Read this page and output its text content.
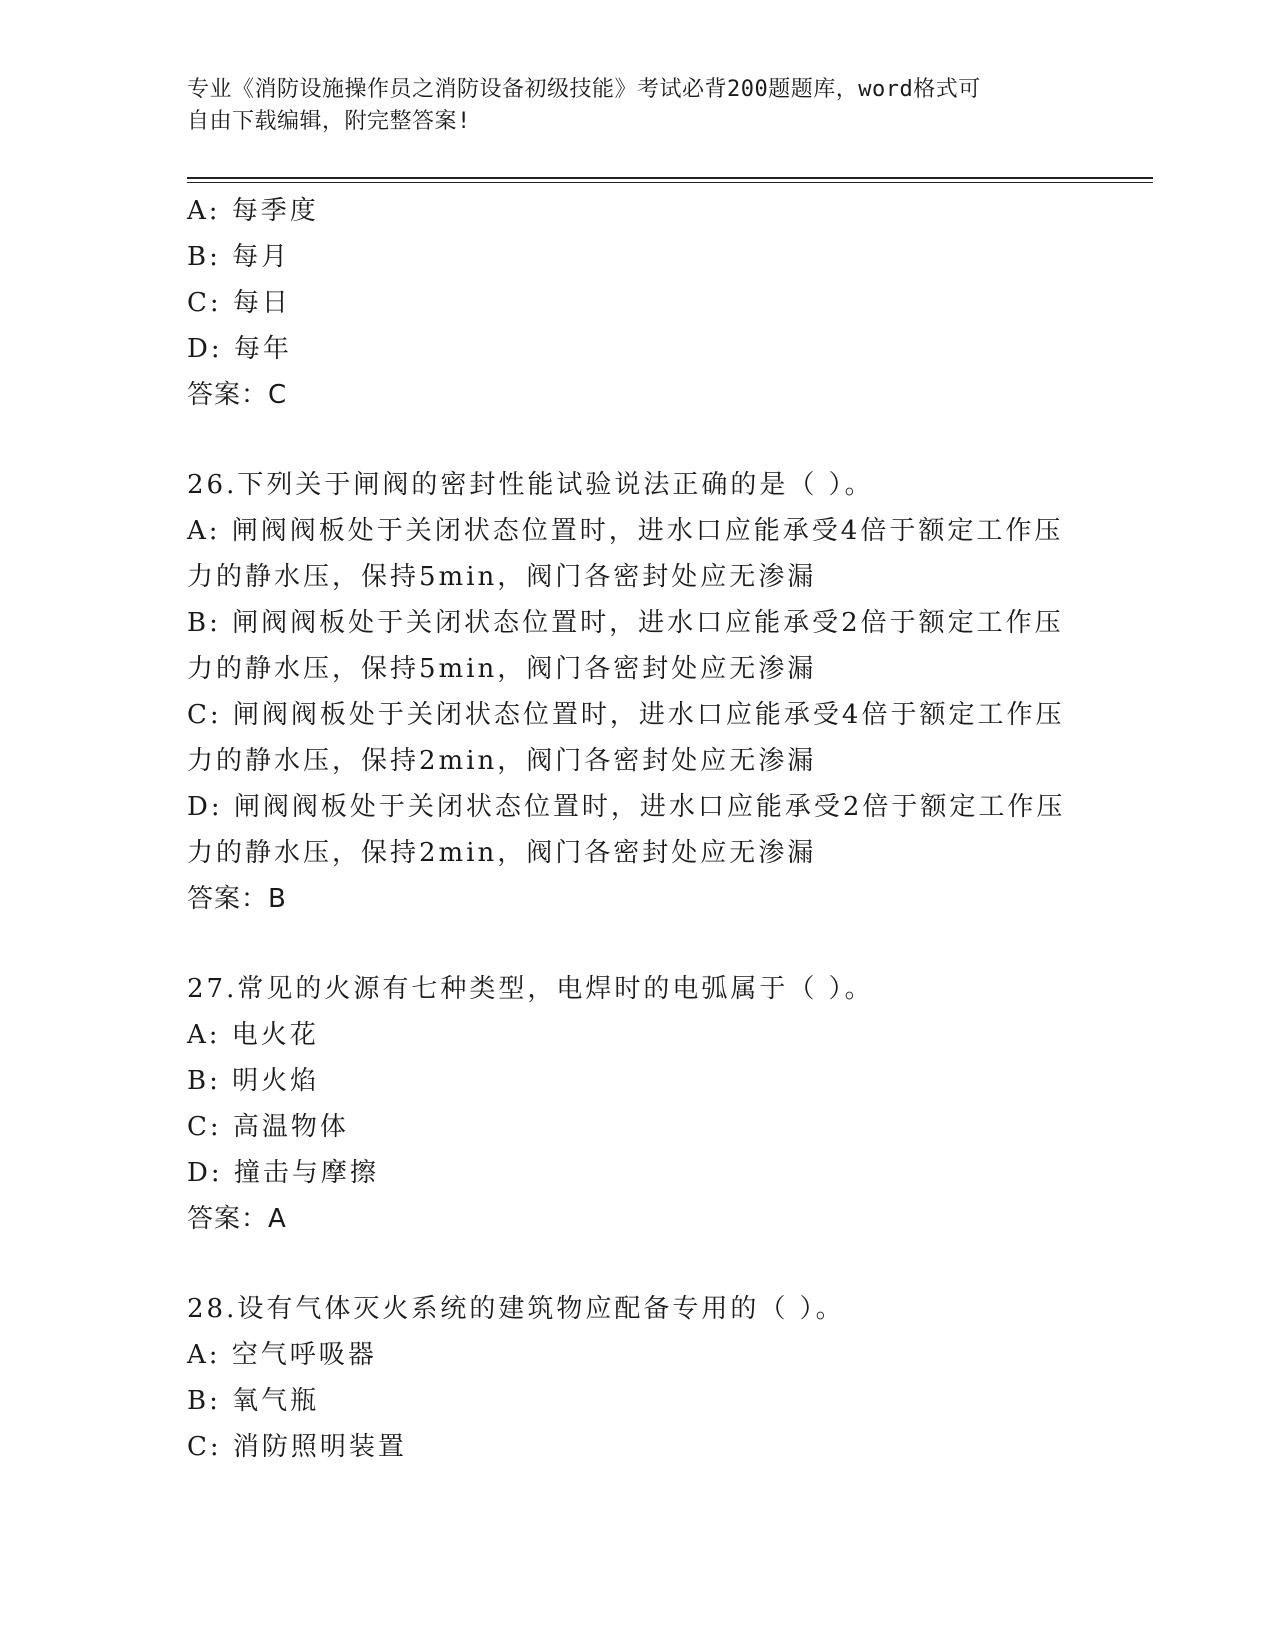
专业《消防设施操作员之消防设备初级技能》考试必背200题题库，word格式可
自由下载编辑，附完整答案!
A: 每季度
B: 每月
C: 每日
D: 每年
答案：C
26.下列关于闸阀的密封性能试验说法正确的是（ ）。
A: 闸阀阀板处于关闭状态位置时，进水口应能承受4倍于额定工作压
力的静水压，保持5min，阀门各密封处应无渗漏
B: 闸阀阀板处于关闭状态位置时，进水口应能承受2倍于额定工作压
力的静水压，保持5min，阀门各密封处应无渗漏
C: 闸阀阀板处于关闭状态位置时，进水口应能承受4倍于额定工作压
力的静水压，保持2min，阀门各密封处应无渗漏
D: 闸阀阀板处于关闭状态位置时，进水口应能承受2倍于额定工作压
力的静水压，保持2min，阀门各密封处应无渗漏
答案：B
27.常见的火源有七种类型，电焊时的电弧属于（ ）。
A: 电火花
B: 明火焰
C: 高温物体
D: 撞击与摩擦
答案：A
28.设有气体灭火系统的建筑物应配备专用的（ ）。
A: 空气呼吸器
B: 氧气瓶
C: 消防照明装置
